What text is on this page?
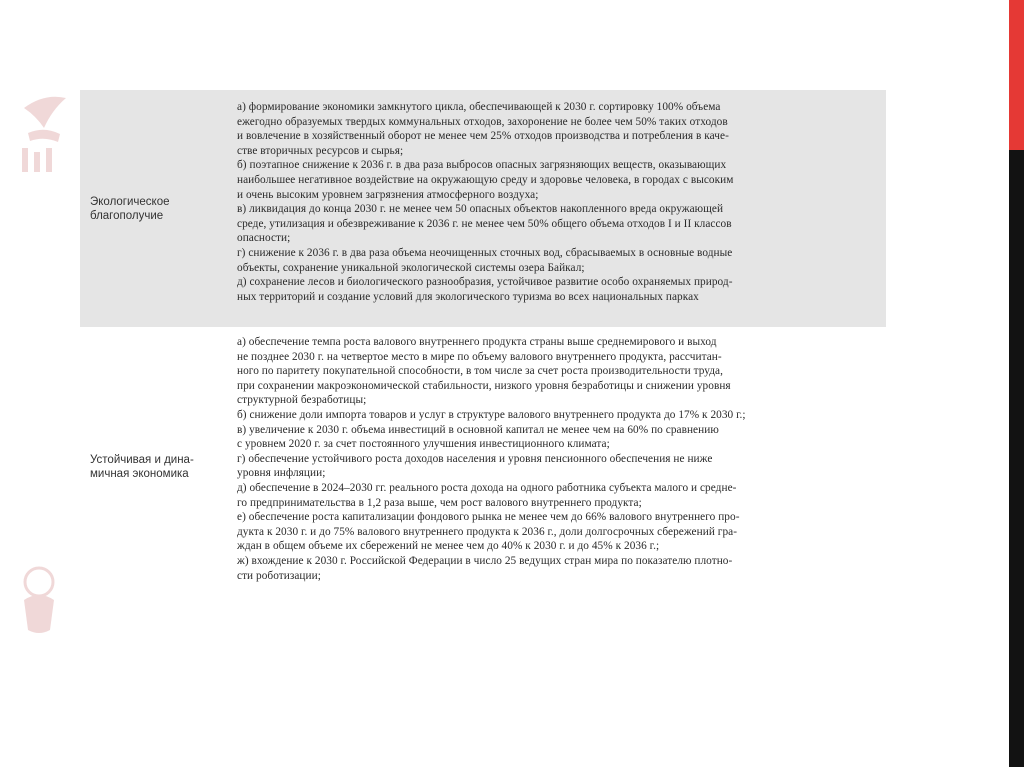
Экологическое
благополучие
а) формирование экономики замкнутого цикла, обеспечивающей к 2030 г. сортировку 100% объема
ежегодно образуемых твердых коммунальных отходов, захоронение не более чем 50% таких отходов
и вовлечение в хозяйственный оборот не менее чем 25% отходов производства и потребления в каче-
стве вторичных ресурсов и сырья;
б) поэтапное снижение к 2036 г. в два раза выбросов опасных загрязняющих веществ, оказывающих
наибольшее негативное воздействие на окружающую среду и здоровье человека, в городах с высоким
и очень высоким уровнем загрязнения атмосферного воздуха;
в) ликвидация до конца 2030 г. не менее чем 50 опасных объектов накопленного вреда окружающей
среде, утилизация и обезвреживание к 2036 г. не менее чем 50% общего объема отходов I и II классов
опасности;
г) снижение к 2036 г. в два раза объема неочищенных сточных вод, сбрасываемых в основные водные
объекты, сохранение уникальной экологической системы озера Байкал;
д) сохранение лесов и биологического разнообразия, устойчивое развитие особо охраняемых природ-
ных территорий и создание условий для экологического туризма во всех национальных парках
Устойчивая и дина-
мичная экономика
а) обеспечение темпа роста валового внутреннего продукта страны выше среднемирового и выход
не позднее 2030 г. на четвертое место в мире по объему валового внутреннего продукта, рассчитан-
ного по паритету покупательной способности, в том числе за счет роста производительности труда,
при сохранении макроэкономической стабильности, низкого уровня безработицы и снижении уровня
структурной безработицы;
б) снижение доли импорта товаров и услуг в структуре валового внутреннего продукта до 17% к 2030 г.;
в) увеличение к 2030 г. объема инвестиций в основной капитал не менее чем на 60% по сравнению
с уровнем 2020 г. за счет постоянного улучшения инвестиционного климата;
г) обеспечение устойчивого роста доходов населения и уровня пенсионного обеспечения не ниже
уровня инфляции;
д) обеспечение в 2024–2030 гг. реального роста дохода на одного работника субъекта малого и средне-
го предпринимательства в 1,2 раза выше, чем рост валового внутреннего продукта;
е) обеспечение роста капитализации фондового рынка не менее чем до 66% валового внутреннего про-
дукта к 2030 г. и до 75% валового внутреннего продукта к 2036 г., доли долгосрочных сбережений гра-
ждан в общем объеме их сбережений не менее чем до 40% к 2030 г. и до 45% к 2036 г.;
ж) вхождение к 2030 г. Российской Федерации в число 25 ведущих стран мира по показателю плотно-
сти роботизации;
